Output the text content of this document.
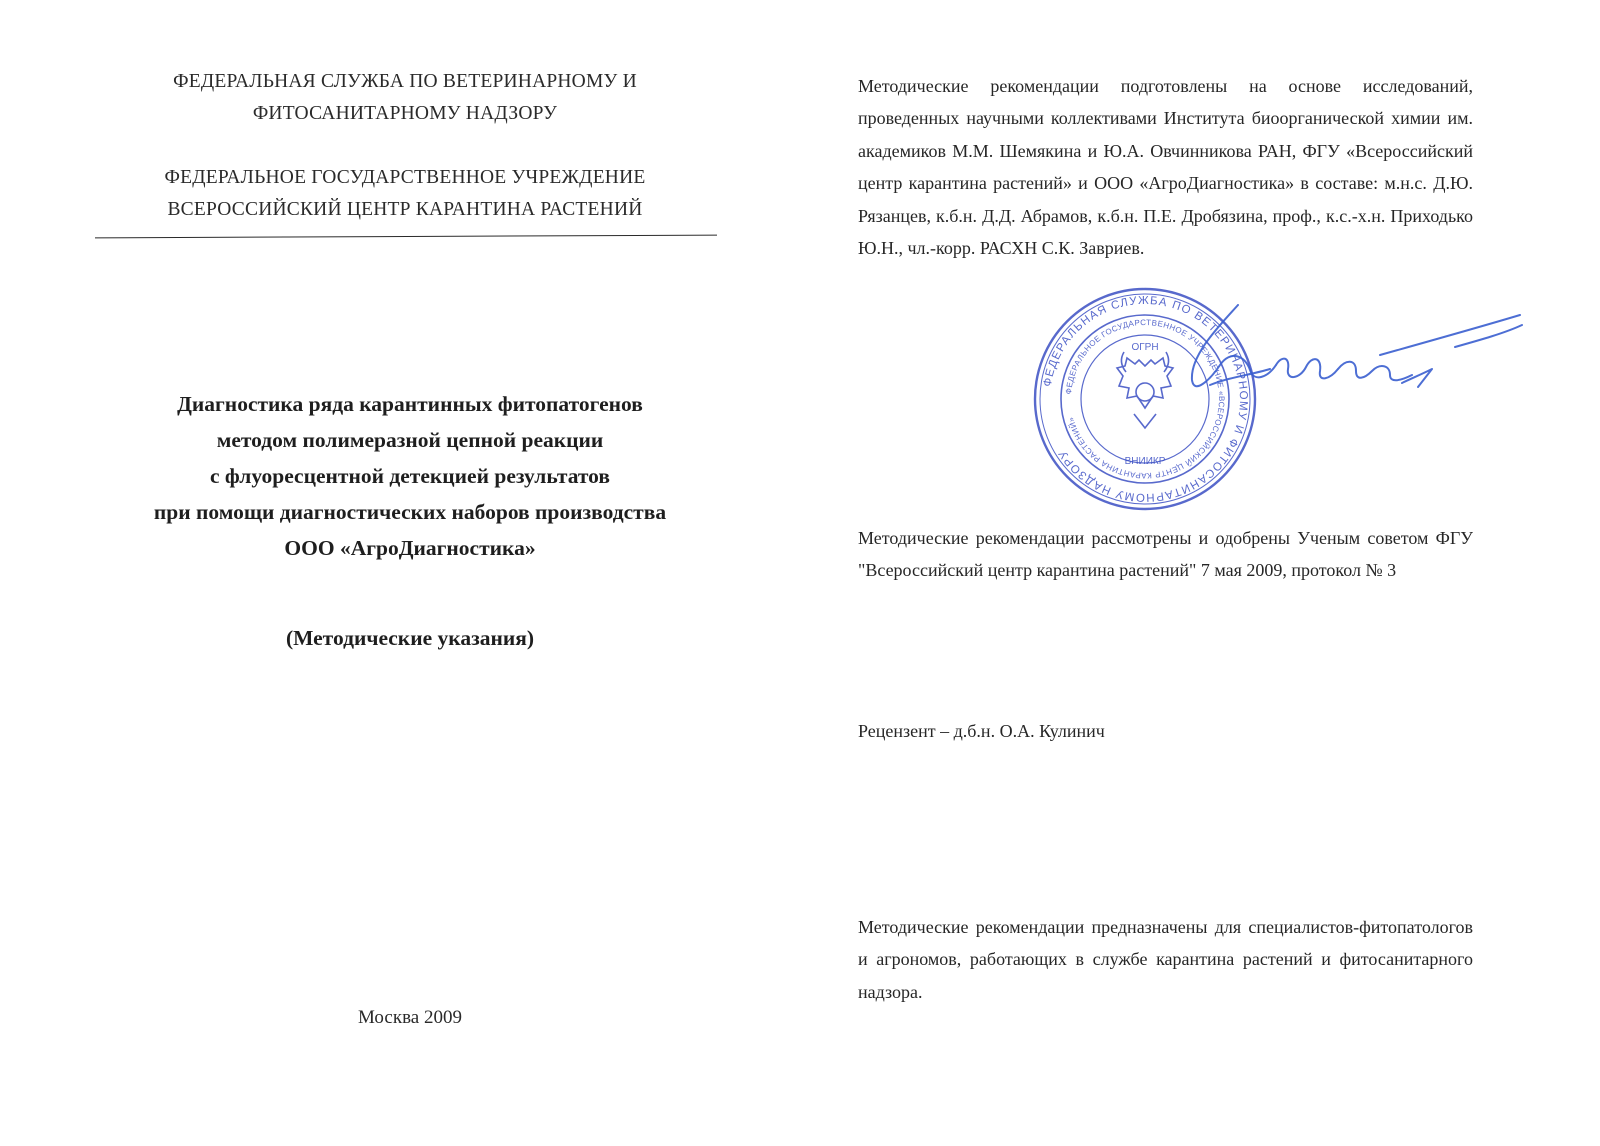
ФЕДЕРАЛЬНАЯ СЛУЖБА ПО ВЕТЕРИНАРНОМУ И
ФИТОСАНИТАРНОМУ НАДЗОРУ
ФЕДЕРАЛЬНОЕ ГОСУДАРСТВЕННОЕ УЧРЕЖДЕНИЕ
ВСЕРОССИЙСКИЙ ЦЕНТР КАРАНТИНА РАСТЕНИЙ
Диагностика ряда карантинных фитопатогенов
методом полимеразной цепной реакции
с флуоресцентной детекцией результатов
при помощи диагностических наборов производства
ООО «АгроДиагностика»
(Методические указания)
Москва 2009
Методические рекомендации подготовлены на основе исследований, проведенных научными коллективами Института биоорганической химии им. академиков М.М. Шемякина и Ю.А. Овчинникова РАН, ФГУ «Всероссийский центр карантина растений» и ООО «АгроДиагностика» в составе: м.н.с. Д.Ю. Рязанцев, к.б.н. Д.Д. Абрамов, к.б.н. П.Е. Дробязина, проф., к.с.-х.н. Приходько Ю.Н., чл.-корр. РАСХН С.К. Завриев.
ФЕДЕРАЛЬНАЯ СЛУЖБА ПО ВЕТЕРИНАРНОМУ И ФИТОСАНИТАРНОМУ НАДЗОРУ
ФЕДЕРАЛЬНОЕ ГОСУДАРСТВЕННОЕ УЧРЕЖДЕНИЕ «ВСЕРОССИЙСКИЙ ЦЕНТР КАРАНТИНА РАСТЕНИЙ»
ОГРН
ВНИИКР
Методические рекомендации рассмотрены и одобрены Ученым советом ФГУ "Всероссийский центр карантина растений" 7 мая 2009, протокол № 3
Рецензент – д.б.н. О.А. Кулинич
Методические рекомендации предназначены для специалистов-фитопатологов и агрономов, работающих в службе карантина растений и фитосанитарного надзора.
